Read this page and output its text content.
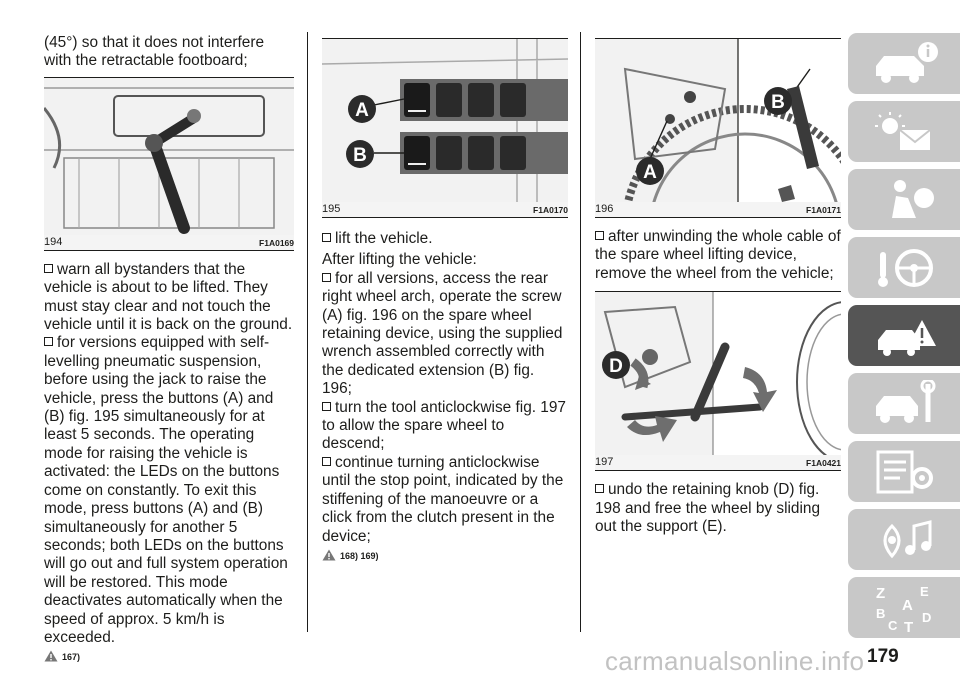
(45°) so that it does not interfere with the retractable footboard;

194	F1A0169

warn all bystanders that the vehicle is about to be lifted. They must stay clear and not touch the vehicle until it is back on the ground.

for versions equipped with self-levelling pneumatic suspension, before using the jack to raise the vehicle, press the buttons (A) and (B) fig. 195 simultaneously for at least 5 seconds. The operating mode for raising the vehicle is activated: the LEDs on the buttons come on constantly. To exit this mode, press buttons (A) and (B) simultaneously for another 5 seconds; both LEDs on the buttons will go out and full system operation will be restored. This mode deactivates automatically when the speed of approx. 5 km/h is exceeded.

167)
A
B
195	F1A0170

lift the vehicle.

After lifting the vehicle:

for all versions, access the rear right wheel arch, operate the screw (A) fig. 196 on the spare wheel retaining device, using the supplied wrench assembled correctly with the dedicated extension (B) fig. 196;

turn the tool anticlockwise fig. 197 to allow the spare wheel to descend;

continue turning anticlockwise until the stop point, indicated by the stiffening of the manoeuvre or a click from the clutch present in the device;

168) 169)
A
B
196	F1A0171

after unwinding the whole cable of the spare wheel lifting device, remove the wheel from the vehicle;

D
197	F1A0421

undo the retaining knob (D) fig. 198 and free the wheel by sliding out the support (E).

Z	E
A
B	D
C T
carmanualsonline.info 179
